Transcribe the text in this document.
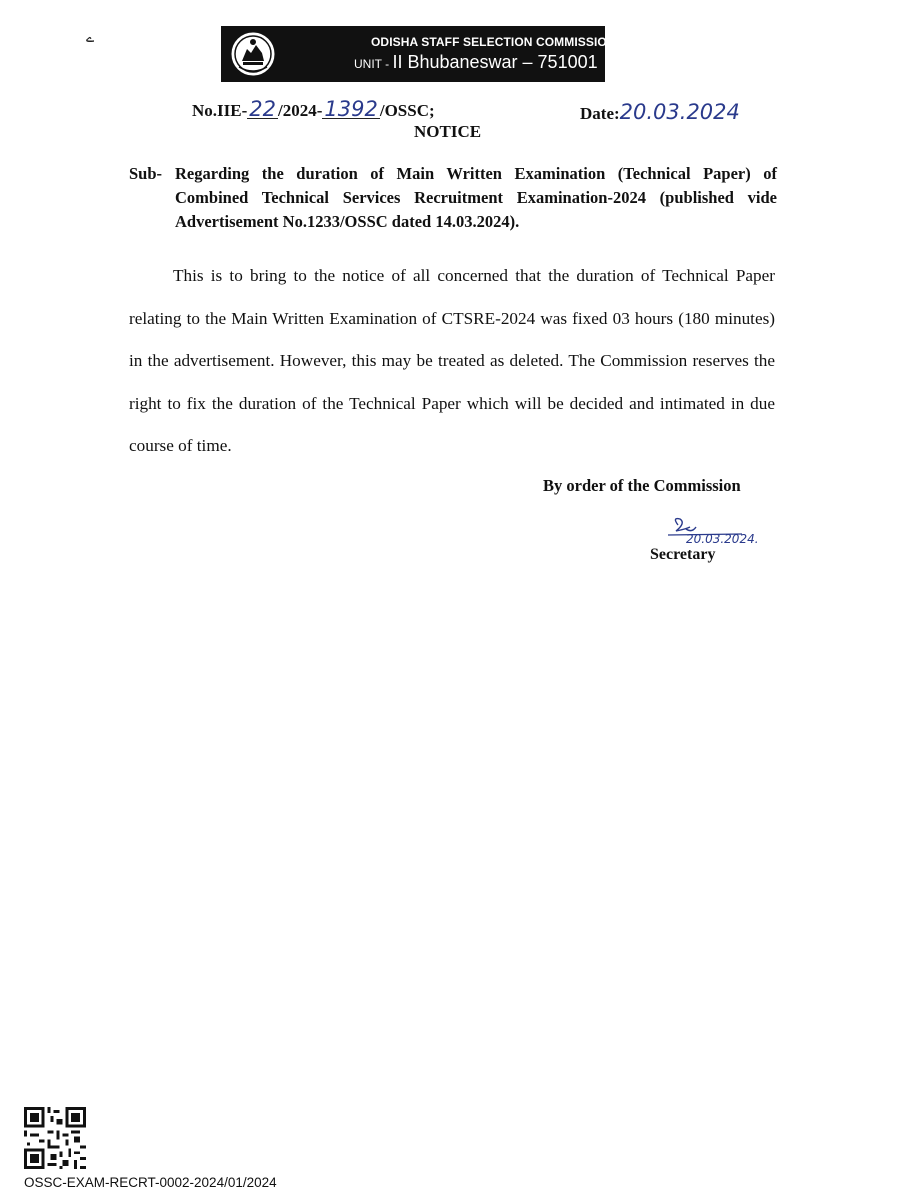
ے	ODISHA STAFF SELECTION COMMISSION
UNIT - II Bhubaneswar – 751001
No.IIE-22 /2024-1392 /OSSC;	Date:20.03.2024
NOTICE
Sub- Regarding the duration of Main Written Examination (Technical Paper) of Combined Technical Services Recruitment Examination-2024 (published vide Advertisement No.1233/OSSC dated 14.03.2024).
This is to bring to the notice of all concerned that the duration of Technical Paper relating to the Main Written Examination of CTSRE-2024 was fixed 03 hours (180 minutes) in the advertisement. However, this may be treated as deleted. The Commission reserves the right to fix the duration of the Technical Paper which will be decided and intimated in due course of time.
By order of the Commission
20.03.2024.
Secretary
OSSC-EXAM-RECRT-0002-2024/01/2024
